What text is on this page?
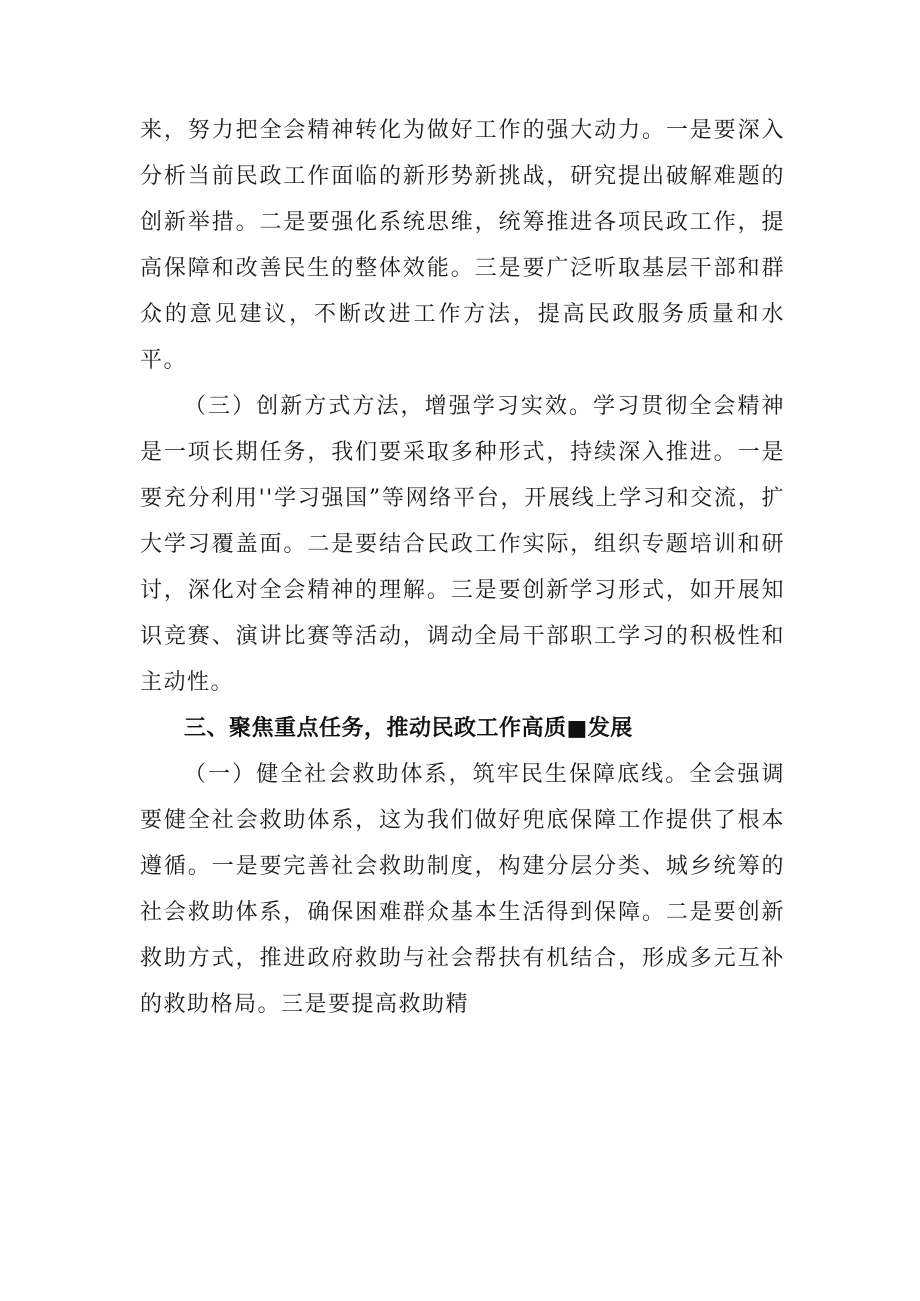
来，努力把全会精神转化为做好工作的强大动力。一是要深入分析当前民政工作面临的新形势新挑战，研究提出破解难题的创新举措。二是要强化系统思维，统筹推进各项民政工作，提高保障和改善民生的整体效能。三是要广泛听取基层干部和群众的意见建议，不断改进工作方法，提高民政服务质量和水平。

（三）创新方式方法，增强学习实效。学习贯彻全会精神是一项长期任务，我们要采取多种形式，持续深入推进。一是要充分利用''学习强国”等网络平台，开展线上学习和交流，扩大学习覆盖面。二是要结合民政工作实际，组织专题培训和研讨，深化对全会精神的理解。三是要创新学习形式，如开展知识竞赛、演讲比赛等活动，调动全局干部职工学习的积极性和主动性。

三、聚焦重点任务，推动民政工作高质■发展

（一）健全社会救助体系，筑牢民生保障底线。全会强调要健全社会救助体系，这为我们做好兜底保障工作提供了根本遵循。一是要完善社会救助制度，构建分层分类、城乡统筹的社会救助体系，确保困难群众基本生活得到保障。二是要创新救助方式，推进政府救助与社会帮扶有机结合，形成多元互补的救助格局。三是要提高救助精
